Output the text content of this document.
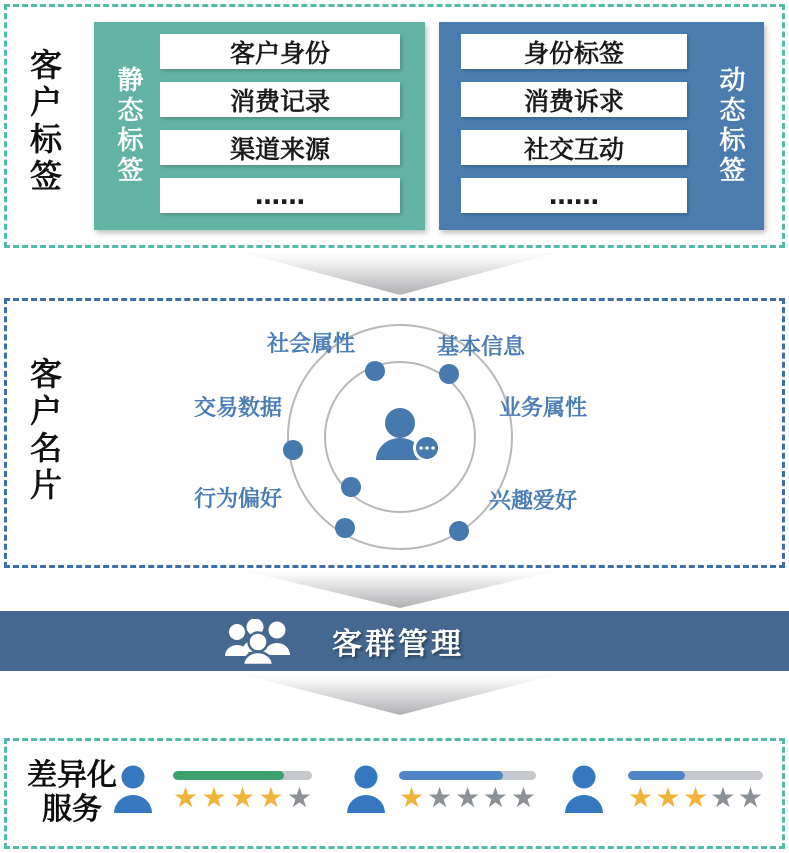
客户标签 静态标签
客户身份
消费记录
渠道来源
……
身份标签
消费诉求
社交互动
……
动态标签
客户名片
社会属性	基本信息
交易数据	业务属性
行为偏好	兴趣爱好
客群管理
差异化
服务	★ ★ ★ ★ ★	★ ★ ★ ★ ★	★ ★ ★ ★ ★
